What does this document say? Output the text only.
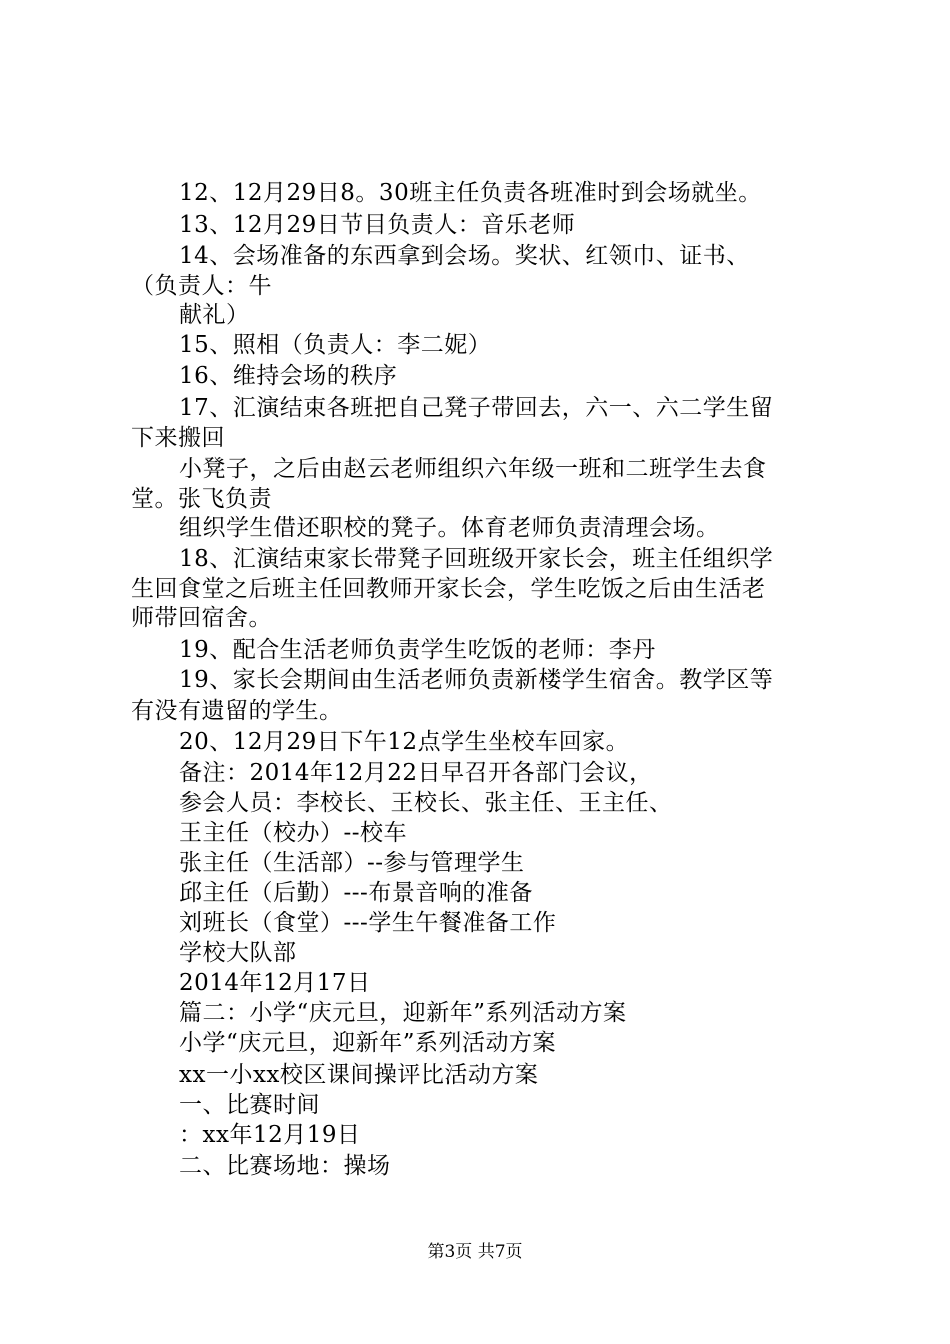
12、12月29日8。30班主任负责各班准时到会场就坐。
13、12月29日节目负责人：音乐老师
14、会场准备的东西拿到会场。奖状、红领巾、证书、
（负责人：牛
献礼）
15、照相（负责人：李二妮）
16、维持会场的秩序
17、汇演结束各班把自己凳子带回去，六一、六二学生留
下来搬回
小凳子，之后由赵云老师组织六年级一班和二班学生去食
堂。张飞负责
组织学生借还职校的凳子。体育老师负责清理会场。
18、汇演结束家长带凳子回班级开家长会，班主任组织学
生回食堂之后班主任回教师开家长会，学生吃饭之后由生活老
师带回宿舍。
19、配合生活老师负责学生吃饭的老师：李丹
19、家长会期间由生活老师负责新楼学生宿舍。教学区等
有没有遗留的学生。
20、12月29日下午12点学生坐校车回家。
备注：2014年12月22日早召开各部门会议，
参会人员：李校长、王校长、张主任、王主任、
王主任（校办）--校车
张主任（生活部）--参与管理学生
邱主任（后勤）---布景音响的准备
刘班长（食堂）---学生午餐准备工作
学校大队部
2014年12月17日
篇二：小学“庆元旦，迎新年”系列活动方案
小学“庆元旦，迎新年”系列活动方案
xx一小xx校区课间操评比活动方案
一、比赛时间
：xx年12月19日
二、比赛场地：操场
第3页 共7页
